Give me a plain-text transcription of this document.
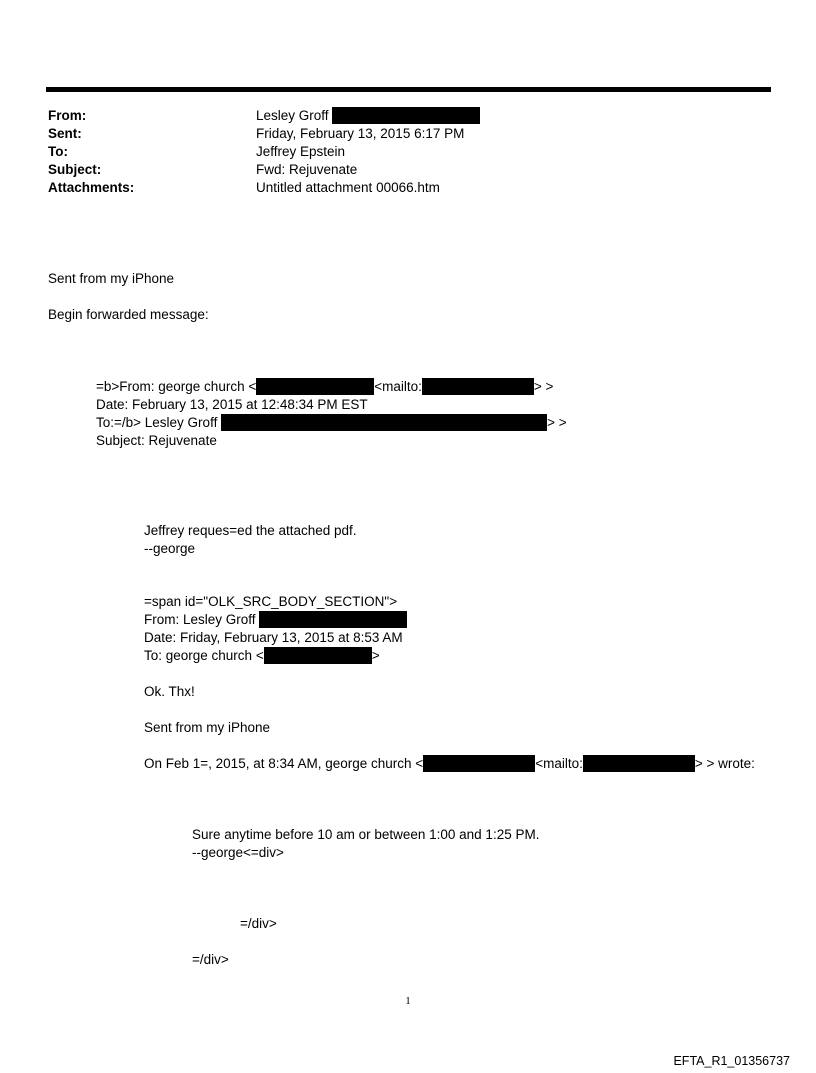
From:	Lesley Groff
Sent:	Friday, February 13, 2015 6:17 PM
To:	Jeffrey Epstein
Subject:	Fwd: Rejuvenate
Attachments:	Untitled attachment 00066.htm
Sent from my iPhone
Begin forwarded message:
=b>From: george church <	<mailto:	> >
Date: February 13, 2015 at 12:48:34 PM EST
To:=/b> Lesley Groff	> >
Subject: Rejuvenate
Jeffrey reques=ed the attached pdf.
--george
=span id="OLK_SRC_BODY_SECTION">
From: Lesley Groff
Date: Friday, February 13, 2015 at 8:53 AM
To: george church <	>
Ok. Thx!
Sent from my iPhone
On Feb 1=, 2015, at 8:34 AM, george church <	<mailto:	> > wrote:
Sure anytime before 10 am or between 1:00 and 1:25 PM.
--george<=div>
=/div>
=/div>
1
EFTA_R1_01356737
